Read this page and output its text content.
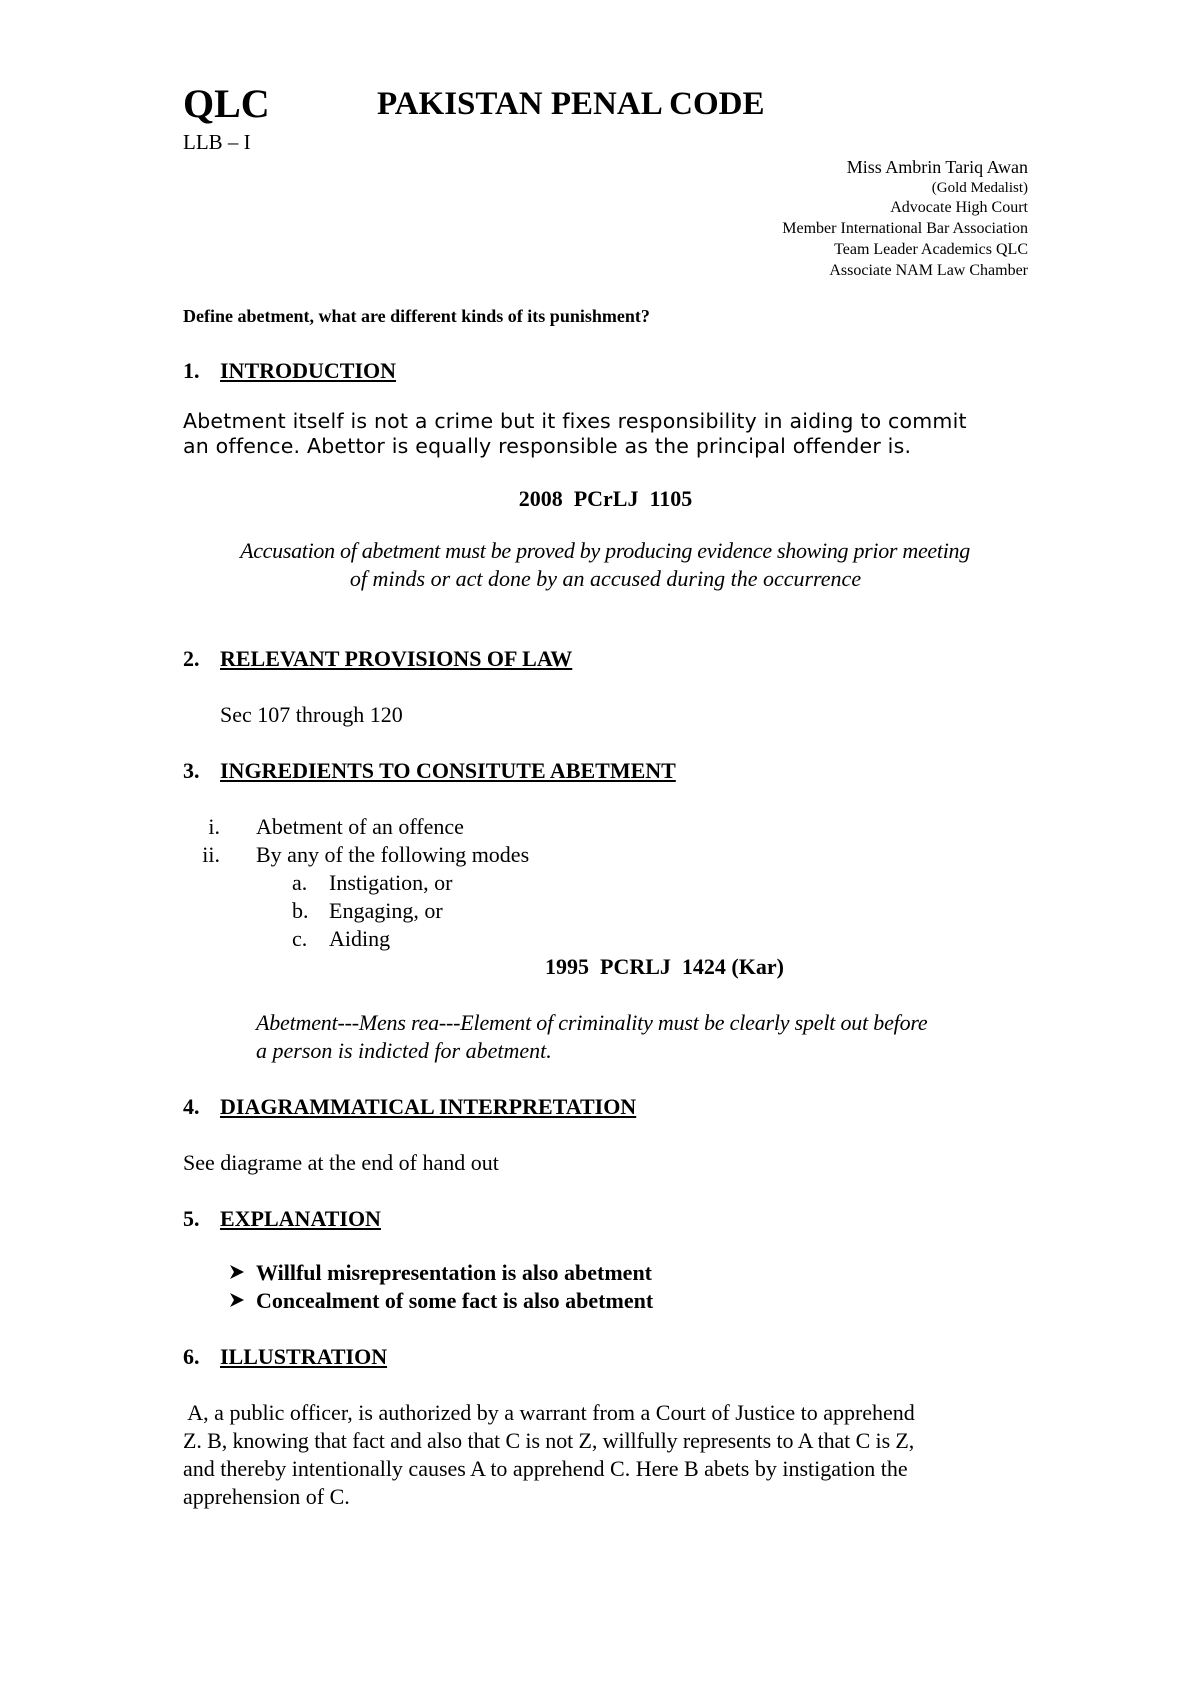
QLC	PAKISTAN PENAL CODE
LLB – I
Miss Ambrin Tariq Awan
(Gold Medalist)
Advocate High Court
Member International Bar Association
Team Leader Academics QLC
Associate NAM Law Chamber
Define abetment, what are different kinds of its punishment?
1. INTRODUCTION
Abetment itself is not a crime but it fixes responsibility in aiding to commit
an offence. Abettor is equally responsible as the principal offender is.
2008  PCrLJ  1105
Accusation of abetment must be proved by producing evidence showing prior meeting
of minds or act done by an accused during the occurrence
2. RELEVANT PROVISIONS OF LAW
Sec 107 through 120
3. INGREDIENTS TO CONSITUTE ABETMENT
i. Abetment of an offence
ii. By any of the following modes
a. Instigation, or
b. Engaging, or
c. Aiding
1995  PCRLJ  1424 (Kar)
Abetment---Mens rea---Element of criminality must be clearly spelt out before
a person is indicted for abetment.
4. DIAGRAMMATICAL INTERPRETATION
See diagrame at the end of hand out
5. EXPLANATION
Willful misrepresentation is also abetment
Concealment of some fact is also abetment
6. ILLUSTRATION
A, a public officer, is authorized by a warrant from a Court of Justice to apprehend
Z. B, knowing that fact and also that C is not Z, willfully represents to A that C is Z,
and thereby intentionally causes A to apprehend C. Here B abets by instigation the
apprehension of C.
